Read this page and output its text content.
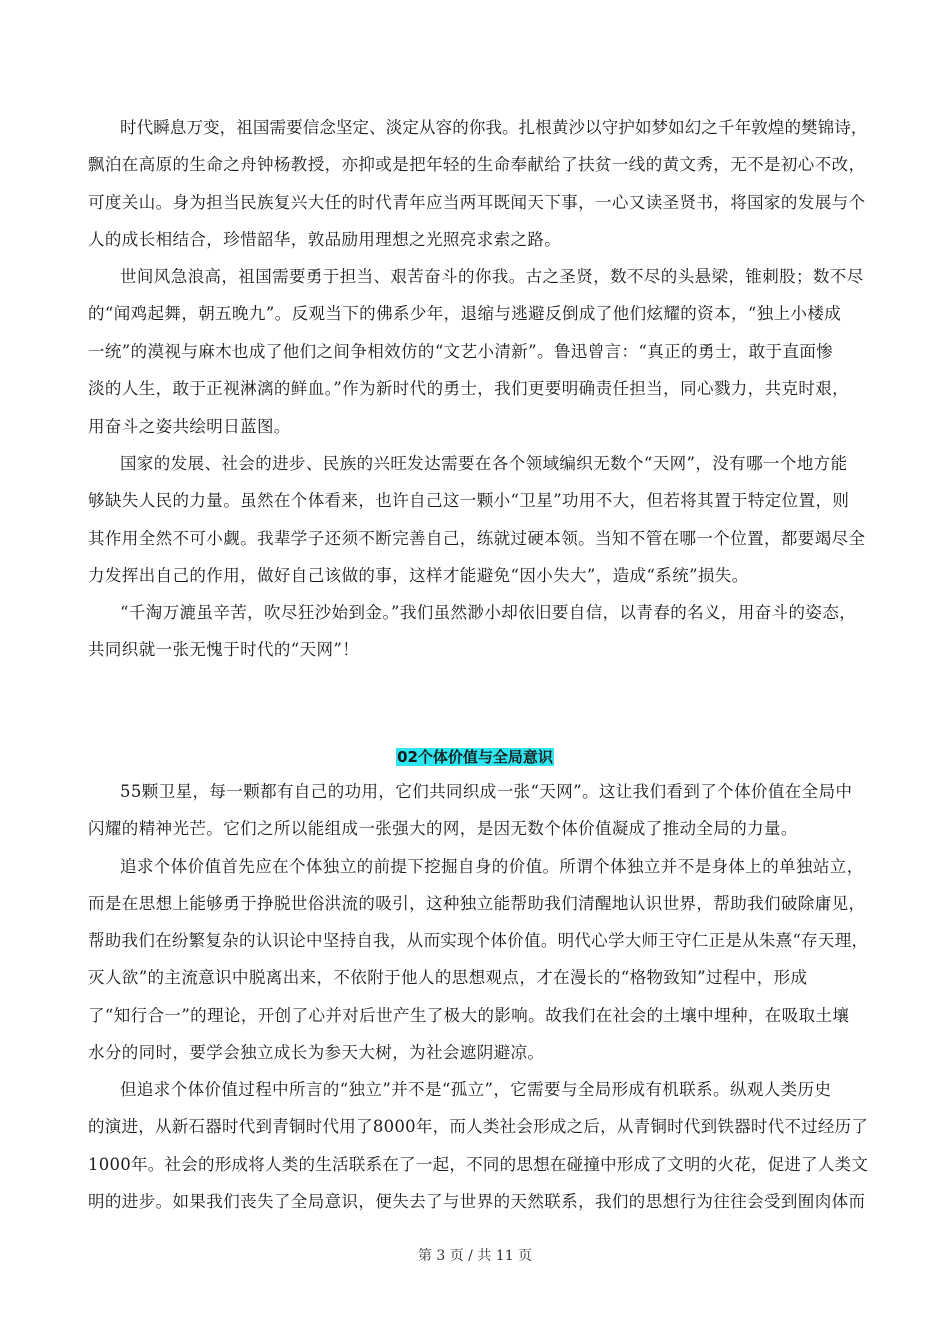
时代瞬息万变，祖国需要信念坚定、淡定从容的你我。扎根黄沙以守护如梦如幻之千年敦煌的樊锦诗，
飘泊在高原的生命之舟钟杨教授，亦抑或是把年轻的生命奉献给了扶贫一线的黄文秀，无不是初心不改，
可度关山。身为担当民族复兴大任的时代青年应当两耳既闻天下事，一心又读圣贤书，将国家的发展与个
人的成长相结合，珍惜韶华，敦品励用理想之光照亮求索之路。
世间风急浪高，祖国需要勇于担当、艰苦奋斗的你我。古之圣贤，数不尽的头悬梁，锥刺股；数不尽
的“闻鸡起舞，朝五晚九”。反观当下的佛系少年，退缩与逃避反倒成了他们炫耀的资本，“独上小楼成
一统”的漠视与麻木也成了他们之间争相效仿的“文艺小清新”。鲁迅曾言：“真正的勇士，敢于直面惨
淡的人生，敢于正视淋漓的鲜血。”作为新时代的勇士，我们更要明确责任担当，同心戮力，共克时艰，
用奋斗之姿共绘明日蓝图。
国家的发展、社会的进步、民族的兴旺发达需要在各个领域编织无数个“天网”，没有哪一个地方能
够缺失人民的力量。虽然在个体看来，也许自己这一颗小“卫星”功用不大，但若将其置于特定位置，则
其作用全然不可小觑。我辈学子还须不断完善自己，练就过硬本领。当知不管在哪一个位置，都要竭尽全
力发挥出自己的作用，做好自己该做的事，这样才能避免“因小失大”，造成“系统”损失。
“千淘万漉虽辛苦，吹尽狂沙始到金。”我们虽然渺小却依旧要自信，以青春的名义，用奋斗的姿态，
共同织就一张无愧于时代的“天网”！
02个体价值与全局意识
55颗卫星，每一颗都有自己的功用，它们共同织成一张“天网”。这让我们看到了个体价值在全局中
闪耀的精神光芒。它们之所以能组成一张强大的网，是因无数个体价值凝成了推动全局的力量。
追求个体价值首先应在个体独立的前提下挖掘自身的价值。所谓个体独立并不是身体上的单独站立，
而是在思想上能够勇于挣脱世俗洪流的吸引，这种独立能帮助我们清醒地认识世界，帮助我们破除庸见，
帮助我们在纷繁复杂的认识论中坚持自我，从而实现个体价值。明代心学大师王守仁正是从朱熹“存天理，
灭人欲”的主流意识中脱离出来，不依附于他人的思想观点，才在漫长的“格物致知”过程中，形成
了“知行合一”的理论，开创了心并对后世产生了极大的影响。故我们在社会的土壤中埋种，在吸取土壤
水分的同时，要学会独立成长为参天大树，为社会遮阴避凉。
但追求个体价值过程中所言的“独立”并不是“孤立”，它需要与全局形成有机联系。纵观人类历史
的演进，从新石器时代到青铜时代用了8000年，而人类社会形成之后，从青铜时代到铁器时代不过经历了
1000年。社会的形成将人类的生活联系在了一起，不同的思想在碰撞中形成了文明的火花，促进了人类文
明的进步。如果我们丧失了全局意识，便失去了与世界的天然联系，我们的思想行为往往会受到囿肉体而
第 3 页 / 共 11 页
